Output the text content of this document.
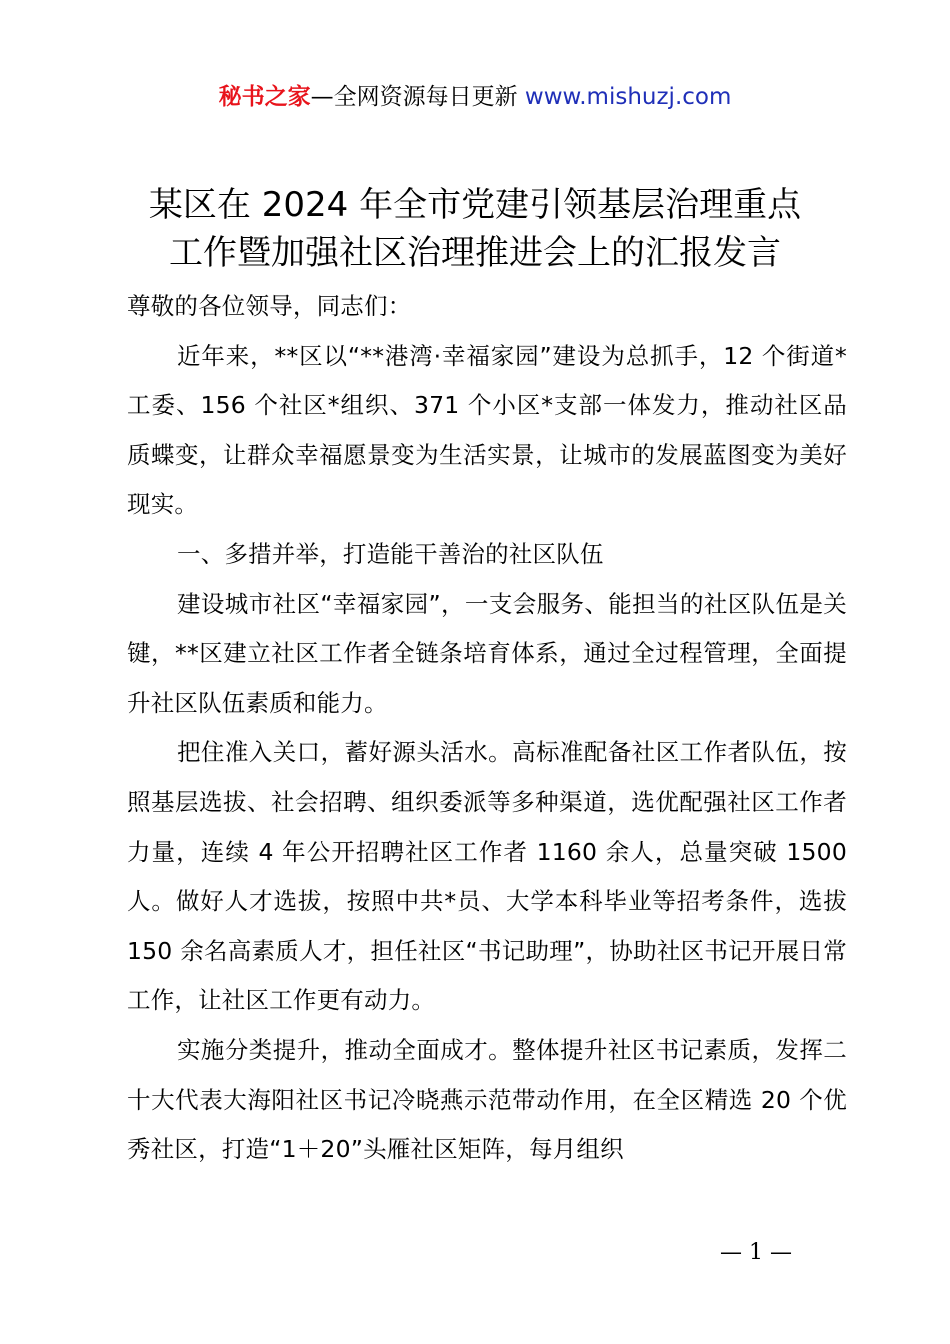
秘书之家—全网资源每日更新 www.mishuzj.com
某区在 2024 年全市党建引领基层治理重点
工作暨加强社区治理推进会上的汇报发言

尊敬的各位领导，同志们：

近年来，**区以“**港湾·幸福家园”建设为总抓手，12 个街道*工委、156 个社区*组织、371 个小区*支部一体发力，推动社区品质蝶变，让群众幸福愿景变为生活实景，让城市的发展蓝图变为美好现实。

一、多措并举，打造能干善治的社区队伍

建设城市社区“幸福家园”，一支会服务、能担当的社区队伍是关键，**区建立社区工作者全链条培育体系，通过全过程管理，全面提升社区队伍素质和能力。

把住准入关口，蓄好源头活水。高标准配备社区工作者队伍，按照基层选拔、社会招聘、组织委派等多种渠道，选优配强社区工作者力量，连续 4 年公开招聘社区工作者 1160 余人，总量突破 1500 人。做好人才选拔，按照中共*员、大学本科毕业等招考条件，选拔 150 余名高素质人才，担任社区“书记助理”，协助社区书记开展日常工作，让社区工作更有动力。

实施分类提升，推动全面成才。整体提升社区书记素质，发挥二十大代表大海阳社区书记冷晓燕示范带动作用，在全区精选 20 个优秀社区，打造“1＋20”头雁社区矩阵，每月组织

— 1 —
